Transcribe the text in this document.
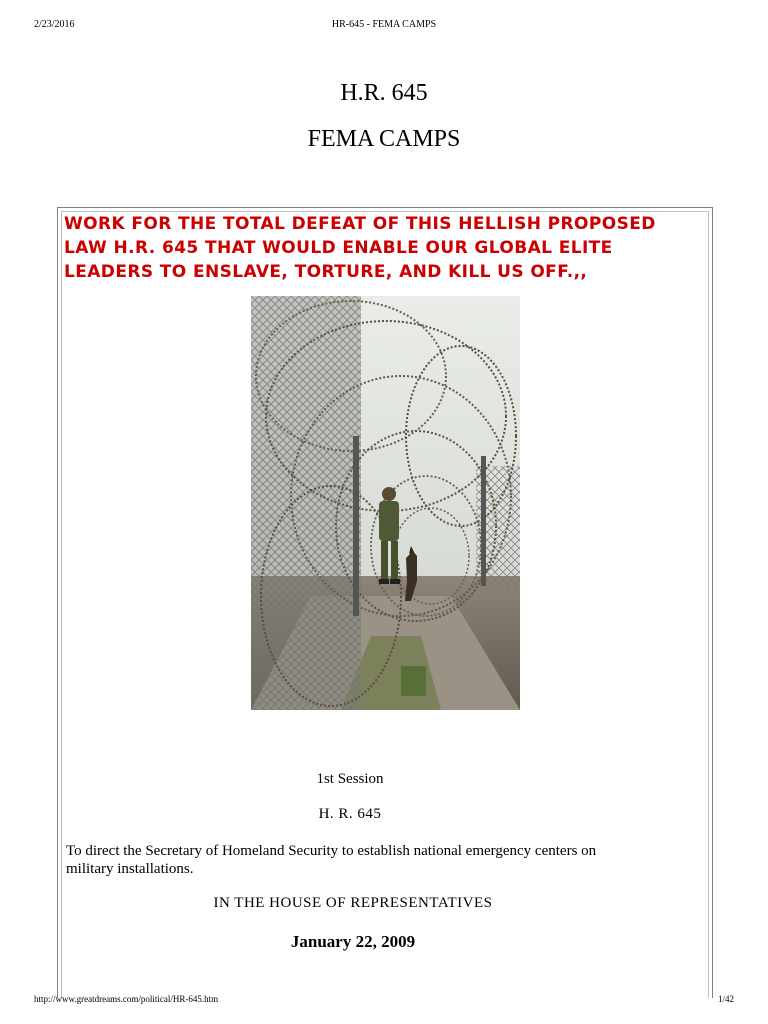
2/23/2016	HR-645 - FEMA CAMPS
H.R. 645
FEMA CAMPS
WORK FOR THE TOTAL DEFEAT OF THIS HELLISH PROPOSED
LAW H.R. 645 THAT WOULD ENABLE OUR GLOBAL ELITE
LEADERS TO ENSLAVE, TORTURE, AND KILL US OFF.,,
1st Session
H. R. 645
To direct the Secretary of Homeland Security to establish national emergency centers on military installations.
IN THE HOUSE OF REPRESENTATIVES
January 22, 2009
http://www.greatdreams.com/political/HR-645.htm	1/42
